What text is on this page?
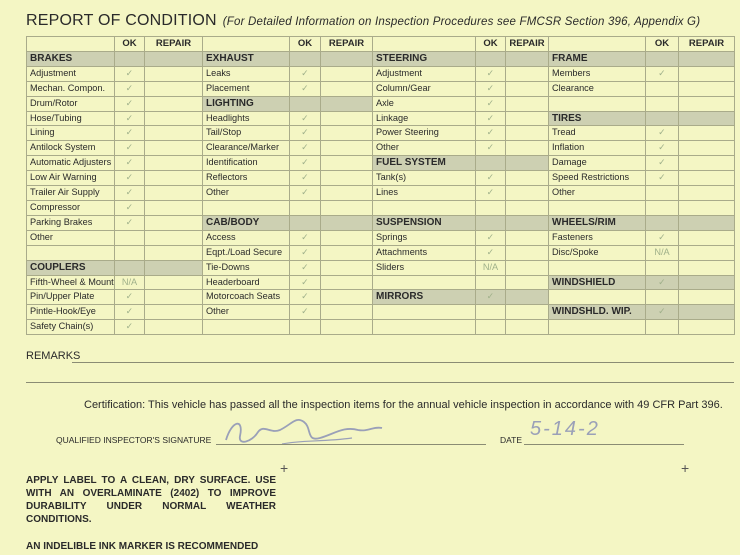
REPORT OF CONDITION (For Detailed Information on Inspection Procedures see FMCSR Section 396, Appendix G)
	OK	REPAIR		OK	REPAIR		OK	REPAIR		OK	REPAIR
BRAKES			EXHAUST			STEERING			FRAME		
Adjustment	✓		Leaks	✓		Adjustment	✓		Members	✓	
Mechan. Compon.	✓		Placement	✓		Column/Gear	✓		Clearance		
Drum/Rotor	✓		LIGHTING			Axle	✓				
Hose/Tubing	✓		Headlights	✓		Linkage	✓		TIRES		
Lining	✓		Tail/Stop	✓		Power Steering	✓		Tread	✓	
Antilock System	✓		Clearance/Marker	✓		Other	✓		Inflation	✓	
Automatic Adjusters	✓		Identification	✓		FUEL SYSTEM			Damage	✓	
Low Air Warning	✓		Reflectors	✓		Tank(s)	✓		Speed Restrictions	✓	
Trailer Air Supply	✓		Other	✓		Lines	✓		Other		
Compressor	✓										
Parking Brakes	✓		CAB/BODY			SUSPENSION			WHEELS/RIM		
Other			Access	✓		Springs	✓		Fasteners	✓	
			Eqpt./Load Secure	✓		Attachments	✓		Disc/Spoke	N/A	
COUPLERS			Tie-Downs	✓		Sliders	N/A				
Fifth-Wheel & Mount	N/A		Headerboard	✓					WINDSHIELD	✓	
Pin/Upper Plate	✓		Motorcoach Seats	✓		MIRRORS	✓				
Pintle-Hook/Eye	✓		Other	✓					WINDSHLD. WIP.	✓	
Safety Chain(s)	✓										
REMARKS
Certification: This vehicle has passed all the inspection items for the annual vehicle inspection in accordance with 49 CFR Part 396.
QUALIFIED INSPECTOR'S SIGNATURE	DATE 5-14-2
+	+
APPLY LABEL TO A CLEAN, DRY SURFACE. USE WITH AN OVERLAMINATE (2402) TO IMPROVE DURABILITY UNDER NORMAL WEATHER CONDITIONS.
AN INDELIBLE INK MARKER IS RECOMMENDED
